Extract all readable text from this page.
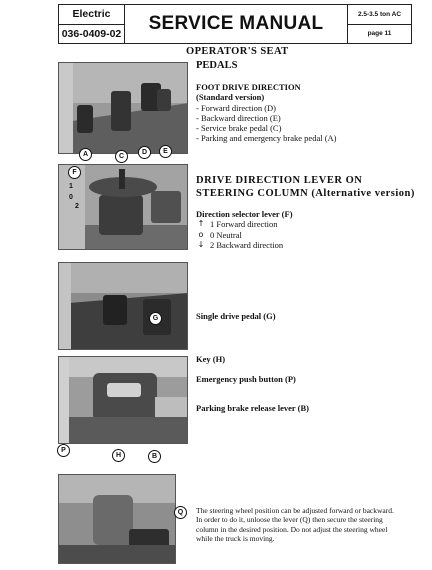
Electric
036-0409-02	SERVICE MANUAL	2.5-3.5 ton AC
page 11
OPERATOR'S SEAT
PEDALS
A	C
D	E
FOOT DRIVE DIRECTION
(Standard version)
- Forward direction (D)
- Backward direction (E)
- Service brake pedal (C)
- Parking and emergency brake pedal (A)
F
1
0
2
DRIVE DIRECTION LEVER ON
STEERING COLUMN (Alternative version)
Direction selector lever (F)
↑ 1 Forward direction
o 0 Neutral
↓ 2 Backward direction
G	Single drive pedal (G)
P
H	B
Key (H)
Emergency push button (P)
Parking brake release lever (B)
Q	The steering wheel position can be adjusted forward or backward.
In order to do it, unloose the lever (Q) then secure the steering
column in the desired position. Do not adjust the steering wheel
while the truck is moving.
